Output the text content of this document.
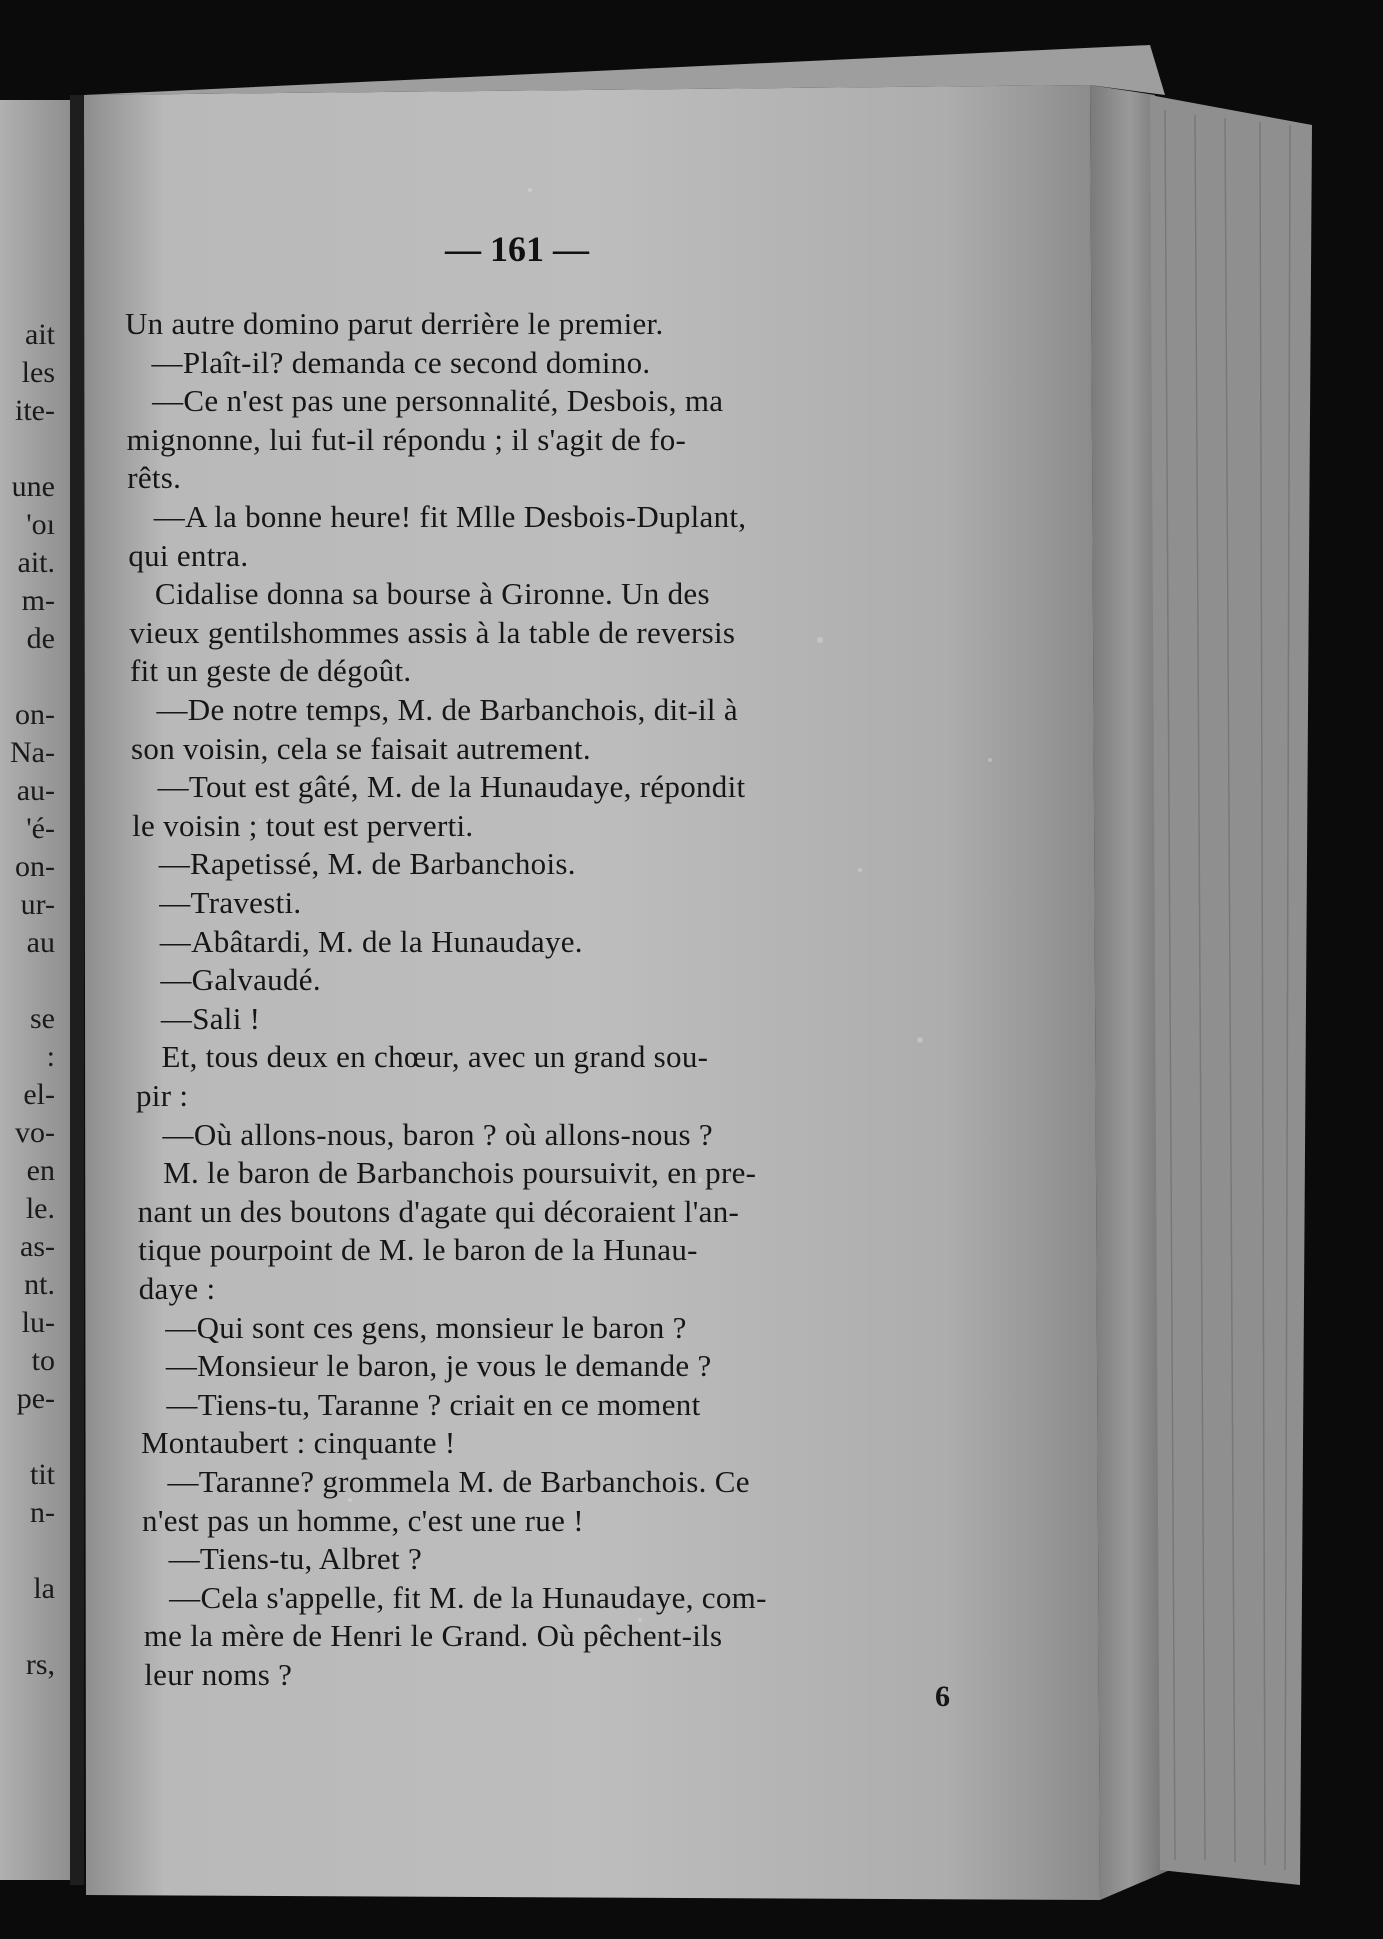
— 161 —
Un autre domino parut derrière le premier.
—Plaît-il? demanda ce second domino.
—Ce n'est pas une personnalité, Desbois, ma
mignonne, lui fut-il répondu ; il s'agit de fo-
rêts.
—A la bonne heure! fit Mlle Desbois-Duplant,
qui entra.
Cidalise donna sa bourse à Gironne. Un des
vieux gentilshommes assis à la table de reversis
fit un geste de dégoût.
—De notre temps, M. de Barbanchois, dit-il à
son voisin, cela se faisait autrement.
—Tout est gâté, M. de la Hunaudaye, répondit
le voisin ; tout est perverti.
—Rapetissé, M. de Barbanchois.
—Travesti.
—Abâtardi, M. de la Hunaudaye.
—Galvaudé.
—Sali !
Et, tous deux en chœur, avec un grand sou-
pir :
—Où allons-nous, baron ? où allons-nous ?
M. le baron de Barbanchois poursuivit, en pre-
nant un des boutons d'agate qui décoraient l'an-
tique pourpoint de M. le baron de la Hunau-
daye :
—Qui sont ces gens, monsieur le baron ?
—Monsieur le baron, je vous le demande ?
—Tiens-tu, Taranne ? criait en ce moment
Montaubert : cinquante !
—Taranne? grommela M. de Barbanchois. Ce
n'est pas un homme, c'est une rue !
—Tiens-tu, Albret ?
—Cela s'appelle, fit M. de la Hunaudaye, com-
me la mère de Henri le Grand. Où pêchent-ils
leur noms ?
6
ait
les
ite-
une
'oı
ait.
m-
de
on-
Na-
au-
'é-
on-
ur-
au
se
:
el-
vo-
en
le.
as-
nt.
lu-
to
pe-
tit
n-
la
rs,
